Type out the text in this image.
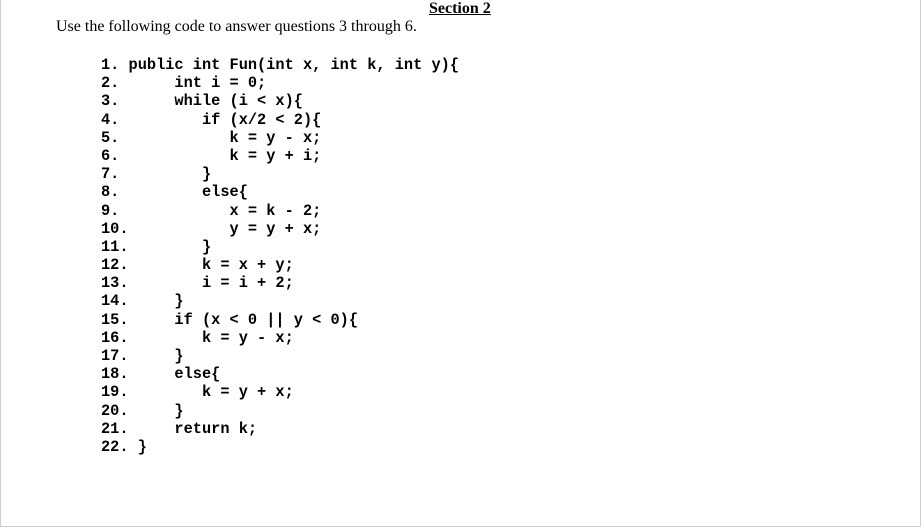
Section 2
Use the following code to answer questions 3 through 6.
1. public int Fun(int x, int k, int y){
2.      int i = 0;
3.      while (i < x){
4.         if (x/2 < 2){
5.            k = y - x;
6.            k = y + i;
7.         }
8.         else{
9.            x = k - 2;
10.           y = y + x;
11.        }
12.        k = x + y;
13.        i = i + 2;
14.     }
15.     if (x < 0 || y < 0){
16.        k = y - x;
17.     }
18.     else{
19.        k = y + x;
20.     }
21.     return k;
22. }
